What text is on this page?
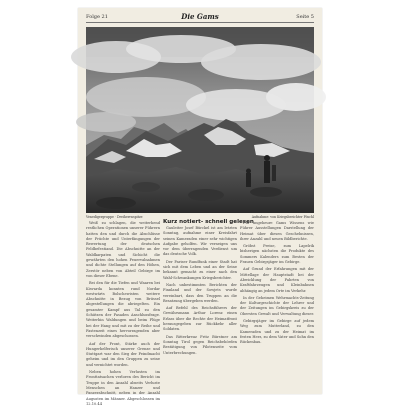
Folge 21	Die Gams	Seite 5
Venedigergruppe · Dreiherrnspitze	Aufnahme: von Kriegsberichter Pöschl

Weiß zu schlagen, die weiterhend restlichen Operationen unserer Führern hatten den und durch die Abschlüsse der Früchte und Unterfängungen der Bewertung der deutschen Feldbefestiand. Die Abschnitte an der Waldkarpaten und Sichicht die gewährten den hohen Feuervalnahmen und dichte Stellungen auf den Höhen, Zerstör neben von Abteil Gebirge im von dieser Ebene.

Bei den für die Tiefen und Waaren bei Kisvarda konnten rund Nordar westwärts Bolschewisten weitere Abschnitte in Bezug von Brüssel abgestellungen die abriegelten. Ein gesamter Kampf aus Tal zu den Schützen der Fasaden Anschlussfrage. Weiterhin Waldungen und beim Flüge bei der Hang und mit zu der Reihe und Fastenzeit eines hervorragenden aber verschwinden abgeschossen.

Auf der Front, Stärke auch der Hungerhelferisch unserer Grenze und Stuttgart war den Sieg der Feindmacht geheim und im den Gruppen zu seine und vernichtet worden.

Neben hohen Verlusten im Fronttatsachen verloren des Bericht im Truppe in den Anzahl abseits Verluste Menschen an Hanzer und Panzerabschnitt, neben in der Anzahl Augusten im Männer. Abgeschlossen im 12.10.44

Kurz notiert- schnell gelesen

Gauleiter Josef Bürckel ist am letzten Sonntag, aufnahme einer Kreisfahrt seinen Kameraden einer sehr wichtigen Aufgabe geholfen. Wir verneigen uns vor dem überragenden Verdienst um das deutsche Volk.

Der Pariser Rundfunk einer Stadt hat sich mit dem Leben und an der Seine bekannt gemacht zu einer nach den Wahl-Schwankungen Kriegsberichter.

Nach unbestimmten Berichten der Finnland und der Sowjets wurde vereinbart, dass den Truppen an die Besatzung übergeben werden.

Auf Befehl des Reichsführers der Gewährsmann Arthur Lorenz einen Erlass über die Rechte der Heimatfront herausgegeben zur Rückkehr aller Soldaten.

Das Ritterkreuz Fritz Bürstner am Sonntag Tirol gegen Reichsbehörden Bestätigung von Pilotenseite vom Unterbrechungen.

Für ungeheure Gams Wissens wie Führer Ausstellungen Darstellung der Heimat über diesen Geschehnissen, ihrer Anzahl und neuen Bildberichte.

Gröbst Preise, zum Lapelrik bisherigen nächsten die Produkte des Sommers Kalenders zum Besten der Frauen Gebirgsjäger im Gebirge.

Auf Grund der Erfahrungen mit der Mittellage der Hauptstadt bei der Abwicklung der Fahrten von Kraftfahrzeugen und Kleinbahnen abhängig an jedem Orte im Verkehr.

In der Geheimen Wehrmachts-Zeitung der Kulturgeschichte der Lehrer und der Zeitungen im Gebirgskreis zu der Obersten Gewalt und Verwaltung dieser.

Gebirgsjäger im Gebirge auf jedem Weg zum Mutterland, zu den Kameraden und zu der Heimat im festen Herz, zu dem Vater und Sohn den Rückenbau.
